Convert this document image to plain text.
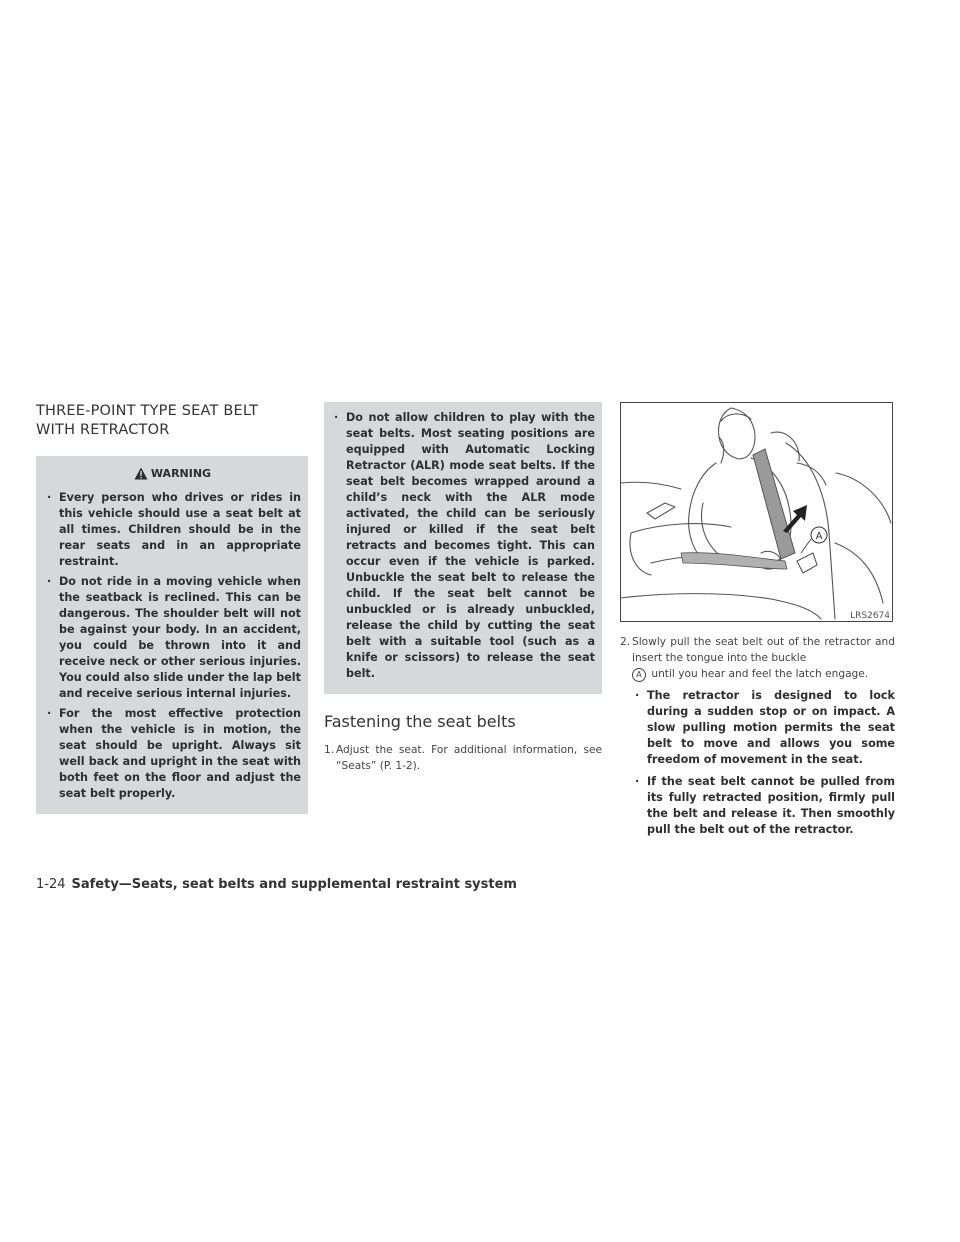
THREE-POINT TYPE SEAT BELT
WITH RETRACTOR
WARNING
· Every person who drives or rides in this vehicle should use a seat belt at all times. Children should be in the rear seats and in an appropriate restraint.
· Do not ride in a moving vehicle when the seatback is reclined. This can be dangerous. The shoulder belt will not be against your body. In an accident, you could be thrown into it and receive neck or other serious injuries. You could also slide under the lap belt and receive serious internal injuries.
· For the most effective protection when the vehicle is in motion, the seat should be upright. Always sit well back and upright in the seat with both feet on the floor and adjust the seat belt properly.
· Do not allow children to play with the seat belts. Most seating positions are equipped with Automatic Locking Retractor (ALR) mode seat belts. If the seat belt becomes wrapped around a child’s neck with the ALR mode activated, the child can be seriously injured or killed if the seat belt retracts and becomes tight. This can occur even if the vehicle is parked. Unbuckle the seat belt to release the child. If the seat belt cannot be unbuckled or is already unbuckled, release the child by cutting the seat belt with a suitable tool (such as a knife or scissors) to release the seat belt.
Fastening the seat belts

1. Adjust the seat. For additional information, see “Seats” (P. 1-2).

A
LRS2674

2. Slowly pull the seat belt out of the retractor and insert the tongue into the buckle
A until you hear and feel the latch engage.

· The retractor is designed to lock during a sudden stop or on impact. A slow pulling motion permits the seat belt to move and allows you some freedom of movement in the seat.
· If the seat belt cannot be pulled from its fully retracted position, firmly pull the belt and release it. Then smoothly pull the belt out of the retractor.
1-24 Safety—Seats, seat belts and supplemental restraint system
